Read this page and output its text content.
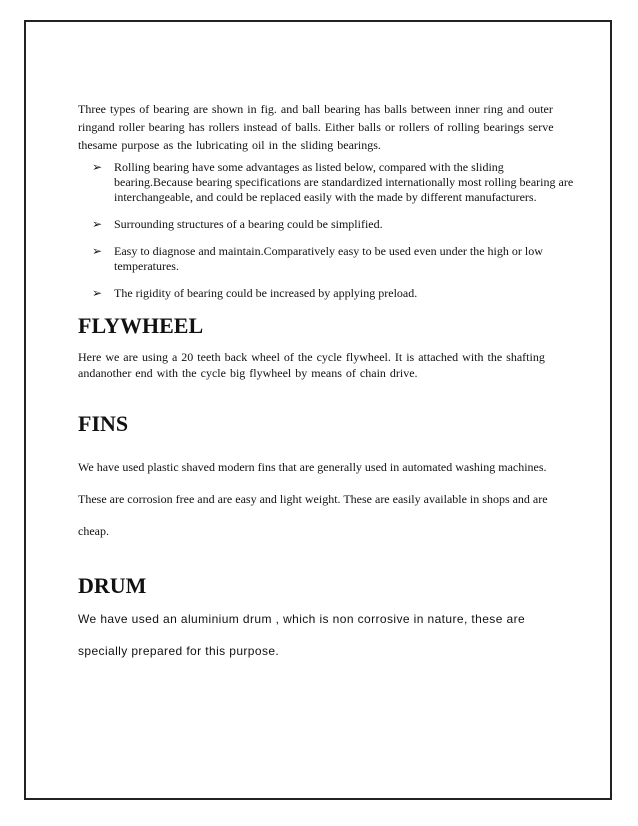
Three types of bearing are shown in fig. and ball bearing has balls between inner ring and outer ringand roller bearing has rollers instead of balls. Either balls or rollers of rolling bearings serve thesame purpose as the lubricating oil in the sliding bearings.

➢ Rolling bearing have some advantages as listed below, compared with the sliding bearing.Because bearing specifications are standardized internationally most rolling bearing are interchangeable, and could be replaced easily with the made by different manufacturers.
➢ Surrounding structures of a bearing could be simplified.
➢ Easy to diagnose and maintain.Comparatively easy to be used even under the high or low temperatures.
➢ The rigidity of bearing could be increased by applying preload.
FLYWHEEL

Here we are using a 20 teeth back wheel of the cycle flywheel. It is attached with the shafting andanother end with the cycle big flywheel by means of chain drive.

FINS

We have used plastic shaved modern fins that are generally used in automated washing machines. These are corrosion free and are easy and light weight. These are easily available in shops and are cheap.

DRUM

We have used an aluminium drum , which is non corrosive in nature, these are specially prepared for this purpose.
